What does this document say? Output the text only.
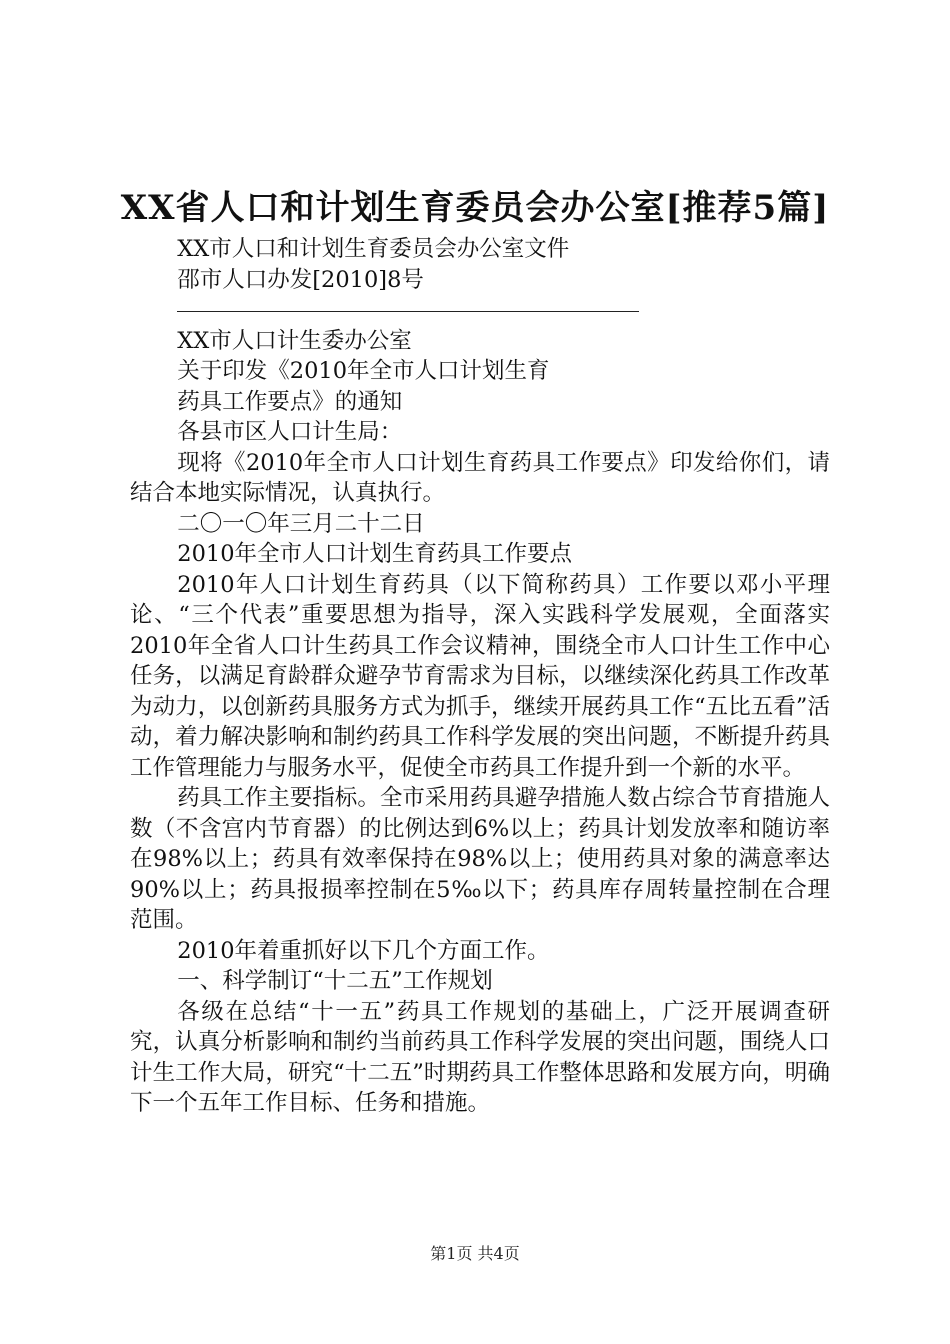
XX省人口和计划生育委员会办公室[推荐5篇]

XX市人口和计划生育委员会办公室文件

邵市人口办发[2010]8号

XX市人口计生委办公室

关于印发《2010年全市人口计划生育

药具工作要点》的通知

各县市区人口计生局：

现将《2010年全市人口计划生育药具工作要点》印发给你们，请结合本地实际情况，认真执行。

二〇一〇年三月二十二日

2010年全市人口计划生育药具工作要点

2010年人口计划生育药具（以下简称药具）工作要以邓小平理论、“三个代表”重要思想为指导，深入实践科学发展观，全面落实2010年全省人口计生药具工作会议精神，围绕全市人口计生工作中心任务，以满足育龄群众避孕节育需求为目标，以继续深化药具工作改革为动力，以创新药具服务方式为抓手，继续开展药具工作“五比五看”活动，着力解决影响和制约药具工作科学发展的突出问题，不断提升药具工作管理能力与服务水平，促使全市药具工作提升到一个新的水平。

药具工作主要指标。全市采用药具避孕措施人数占综合节育措施人数（不含宫内节育器）的比例达到6%以上；药具计划发放率和随访率在98%以上；药具有效率保持在98%以上；使用药具对象的满意率达90%以上；药具报损率控制在5‰以下；药具库存周转量控制在合理范围。

2010年着重抓好以下几个方面工作。

一、科学制订“十二五”工作规划

各级在总结“十一五”药具工作规划的基础上，广泛开展调查研究，认真分析影响和制约当前药具工作科学发展的突出问题，围绕人口计生工作大局，研究“十二五”时期药具工作整体思路和发展方向，明确下一个五年工作目标、任务和措施。

第1页 共4页
